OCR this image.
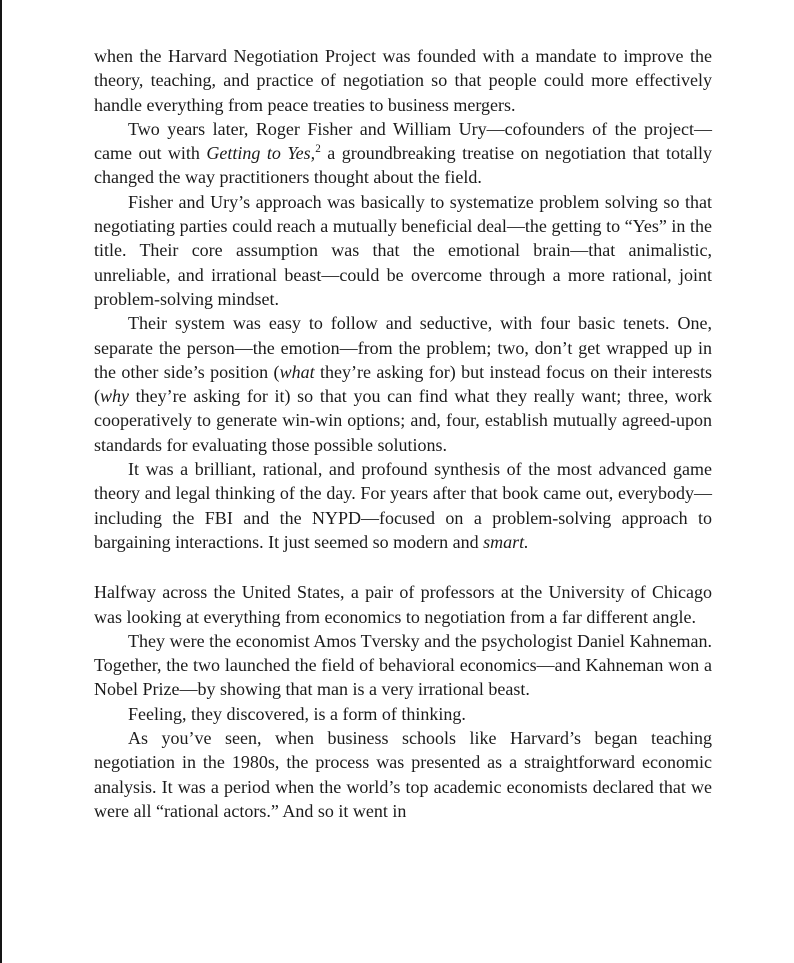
when the Harvard Negotiation Project was founded with a mandate to improve the theory, teaching, and practice of negotiation so that people could more effectively handle everything from peace treaties to business mergers.

Two years later, Roger Fisher and William Ury—cofounders of the project—came out with Getting to Yes,$^2$ a groundbreaking treatise on negotiation that totally changed the way practitioners thought about the field.

Fisher and Ury’s approach was basically to systematize problem solving so that negotiating parties could reach a mutually beneficial deal—the getting to “Yes” in the title. Their core assumption was that the emotional brain—that animalistic, unreliable, and irrational beast—could be overcome through a more rational, joint problem-solving mindset.

Their system was easy to follow and seductive, with four basic tenets. One, separate the person—the emotion—from the problem; two, don’t get wrapped up in the other side’s position (what they’re asking for) but instead focus on their interests (why they’re asking for it) so that you can find what they really want; three, work cooperatively to generate win-win options; and, four, establish mutually agreed-upon standards for evaluating those possible solutions.

It was a brilliant, rational, and profound synthesis of the most advanced game theory and legal thinking of the day. For years after that book came out, everybody—including the FBI and the NYPD—focused on a problem-solving approach to bargaining interactions. It just seemed so modern and smart.

Halfway across the United States, a pair of professors at the University of Chicago was looking at everything from economics to negotiation from a far different angle.

They were the economist Amos Tversky and the psychologist Daniel Kahneman. Together, the two launched the field of behavioral economics—and Kahneman won a Nobel Prize—by showing that man is a very irrational beast.

Feeling, they discovered, is a form of thinking.

As you’ve seen, when business schools like Harvard’s began teaching negotiation in the 1980s, the process was presented as a straightforward economic analysis. It was a period when the world’s top academic economists declared that we were all “rational actors.” And so it went in
